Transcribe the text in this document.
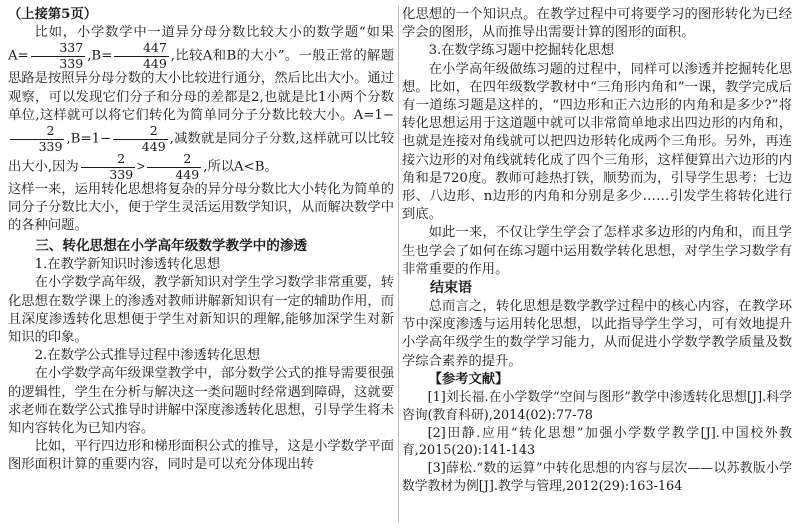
（上接第5页）

比如，小学数学中一道异分母分数比较大小的数学题“如果$A= \frac{337}{339} ,B= \frac{447}{449}$ ,比较A和B的大小”。一般正常的解题思路是按照异分母分数的大小比较进行通分，然后比出大小。通过观察，可以发现它们分子和分母的差都是2,也就是比1小两个分数单位,这样就可以将它们转化为简单同分子分数比较大小。A=1−
$\frac{2}{339} ,B=1- \frac{2}{449}$ ,减数就是同分子分数,这样就可以比较出大小,因为 $\frac{2}{339} > \frac{2}{449}$ ,所以A<B。

这样一来，运用转化思想将复杂的异分母分数比大小转化为简单的同分子分数比大小，便于学生灵活运用数学知识，从而解决数学中的各种问题。

三、转化思想在小学高年级数学教学中的渗透

1.在教学新知识时渗透转化思想

在小学数学高年级，教学新知识对学生学习数学非常重要，转化思想在数学课上的渗透对教师讲解新知识有一定的辅助作用，而且深度渗透转化思想便于学生对新知识的理解,能够加深学生对新知识的印象。

2.在数学公式推导过程中渗透转化思想

在小学数学高年级课堂教学中，部分数学公式的推导需要很强的逻辑性，学生在分析与解决这一类问题时经常遇到障碍，这就要求老师在数学公式推导时讲解中深度渗透转化思想，引导学生将未知内容转化为已知内容。

比如，平行四边形和梯形面积公式的推导，这是小学数学平面图形面积计算的重要内容，同时是可以充分体现出转

化思想的一个知识点。在教学过程中可将要学习的图形转化为已经学会的图形，从而推导出需要计算的图形的面积。

3.在数学练习题中挖掘转化思想

在小学高年级做练习题的过程中，同样可以渗透并挖掘转化思想。比如，在四年级数学教材中“三角形内角和”一课，教学完成后有一道练习题是这样的，“四边形和正六边形的内角和是多少?”将转化思想运用于这道题中就可以非常简单地求出四边形的内角和，也就是连接对角线就可以把四边形转化成两个三角形。另外，再连接六边形的对角线就转化成了四个三角形，这样便算出六边形的内角和是720度。教师可趁热打铁，顺势而为，引导学生思考：七边形、八边形、n边形的内角和分别是多少……引发学生将转化进行到底。

如此一来，不仅让学生学会了怎样求多边形的内角和，而且学生也学会了如何在练习题中运用数学转化思想，对学生学习数学有非常重要的作用。

结束语

总而言之，转化思想是数学教学过程中的核心内容，在教学环节中深度渗透与运用转化思想，以此指导学生学习，可有效地提升小学高年级学生的数学学习能力，从而促进小学数学教学质量及数学综合素养的提升。

【参考文献】

[1]刘长福.在小学数学“空间与图形”教学中渗透转化思想[J].科学咨询(教育科研),2014(02):77-78

[2]田静.应用“转化思想”加强小学数学教学[J].中国校外教育,2015(20):141-143

[3]薛松.“数的运算”中转化思想的内容与层次——以苏教版小学数学教材为例[J].教学与管理,2012(29):163-164
